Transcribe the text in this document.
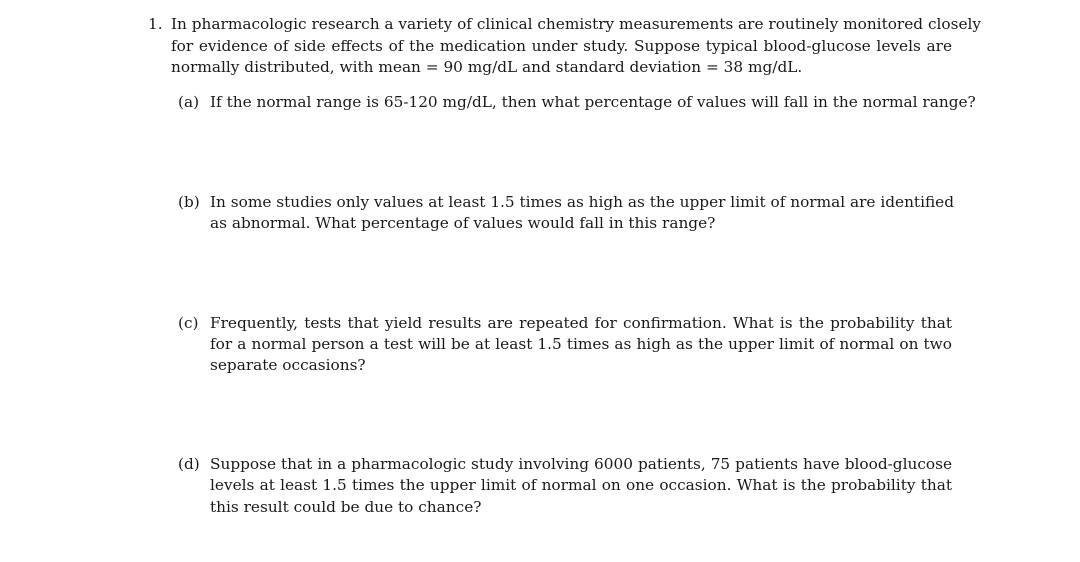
1. In pharmacologic research a variety of clinical chemistry measurements are routinely monitored closely
for evidence of side effects of the medication under study. Suppose typical blood-glucose levels are
normally distributed, with mean = 90 mg/dL and standard deviation = 38 mg/dL.
(a) If the normal range is 65-120 mg/dL, then what percentage of values will fall in the normal range?
(b) In some studies only values at least 1.5 times as high as the upper limit of normal are identified
as abnormal. What percentage of values would fall in this range?
(c) Frequently, tests that yield results are repeated for confirmation. What is the probability that
for a normal person a test will be at least 1.5 times as high as the upper limit of normal on two
separate occasions?
(d) Suppose that in a pharmacologic study involving 6000 patients, 75 patients have blood-glucose
levels at least 1.5 times the upper limit of normal on one occasion. What is the probability that
this result could be due to chance?
